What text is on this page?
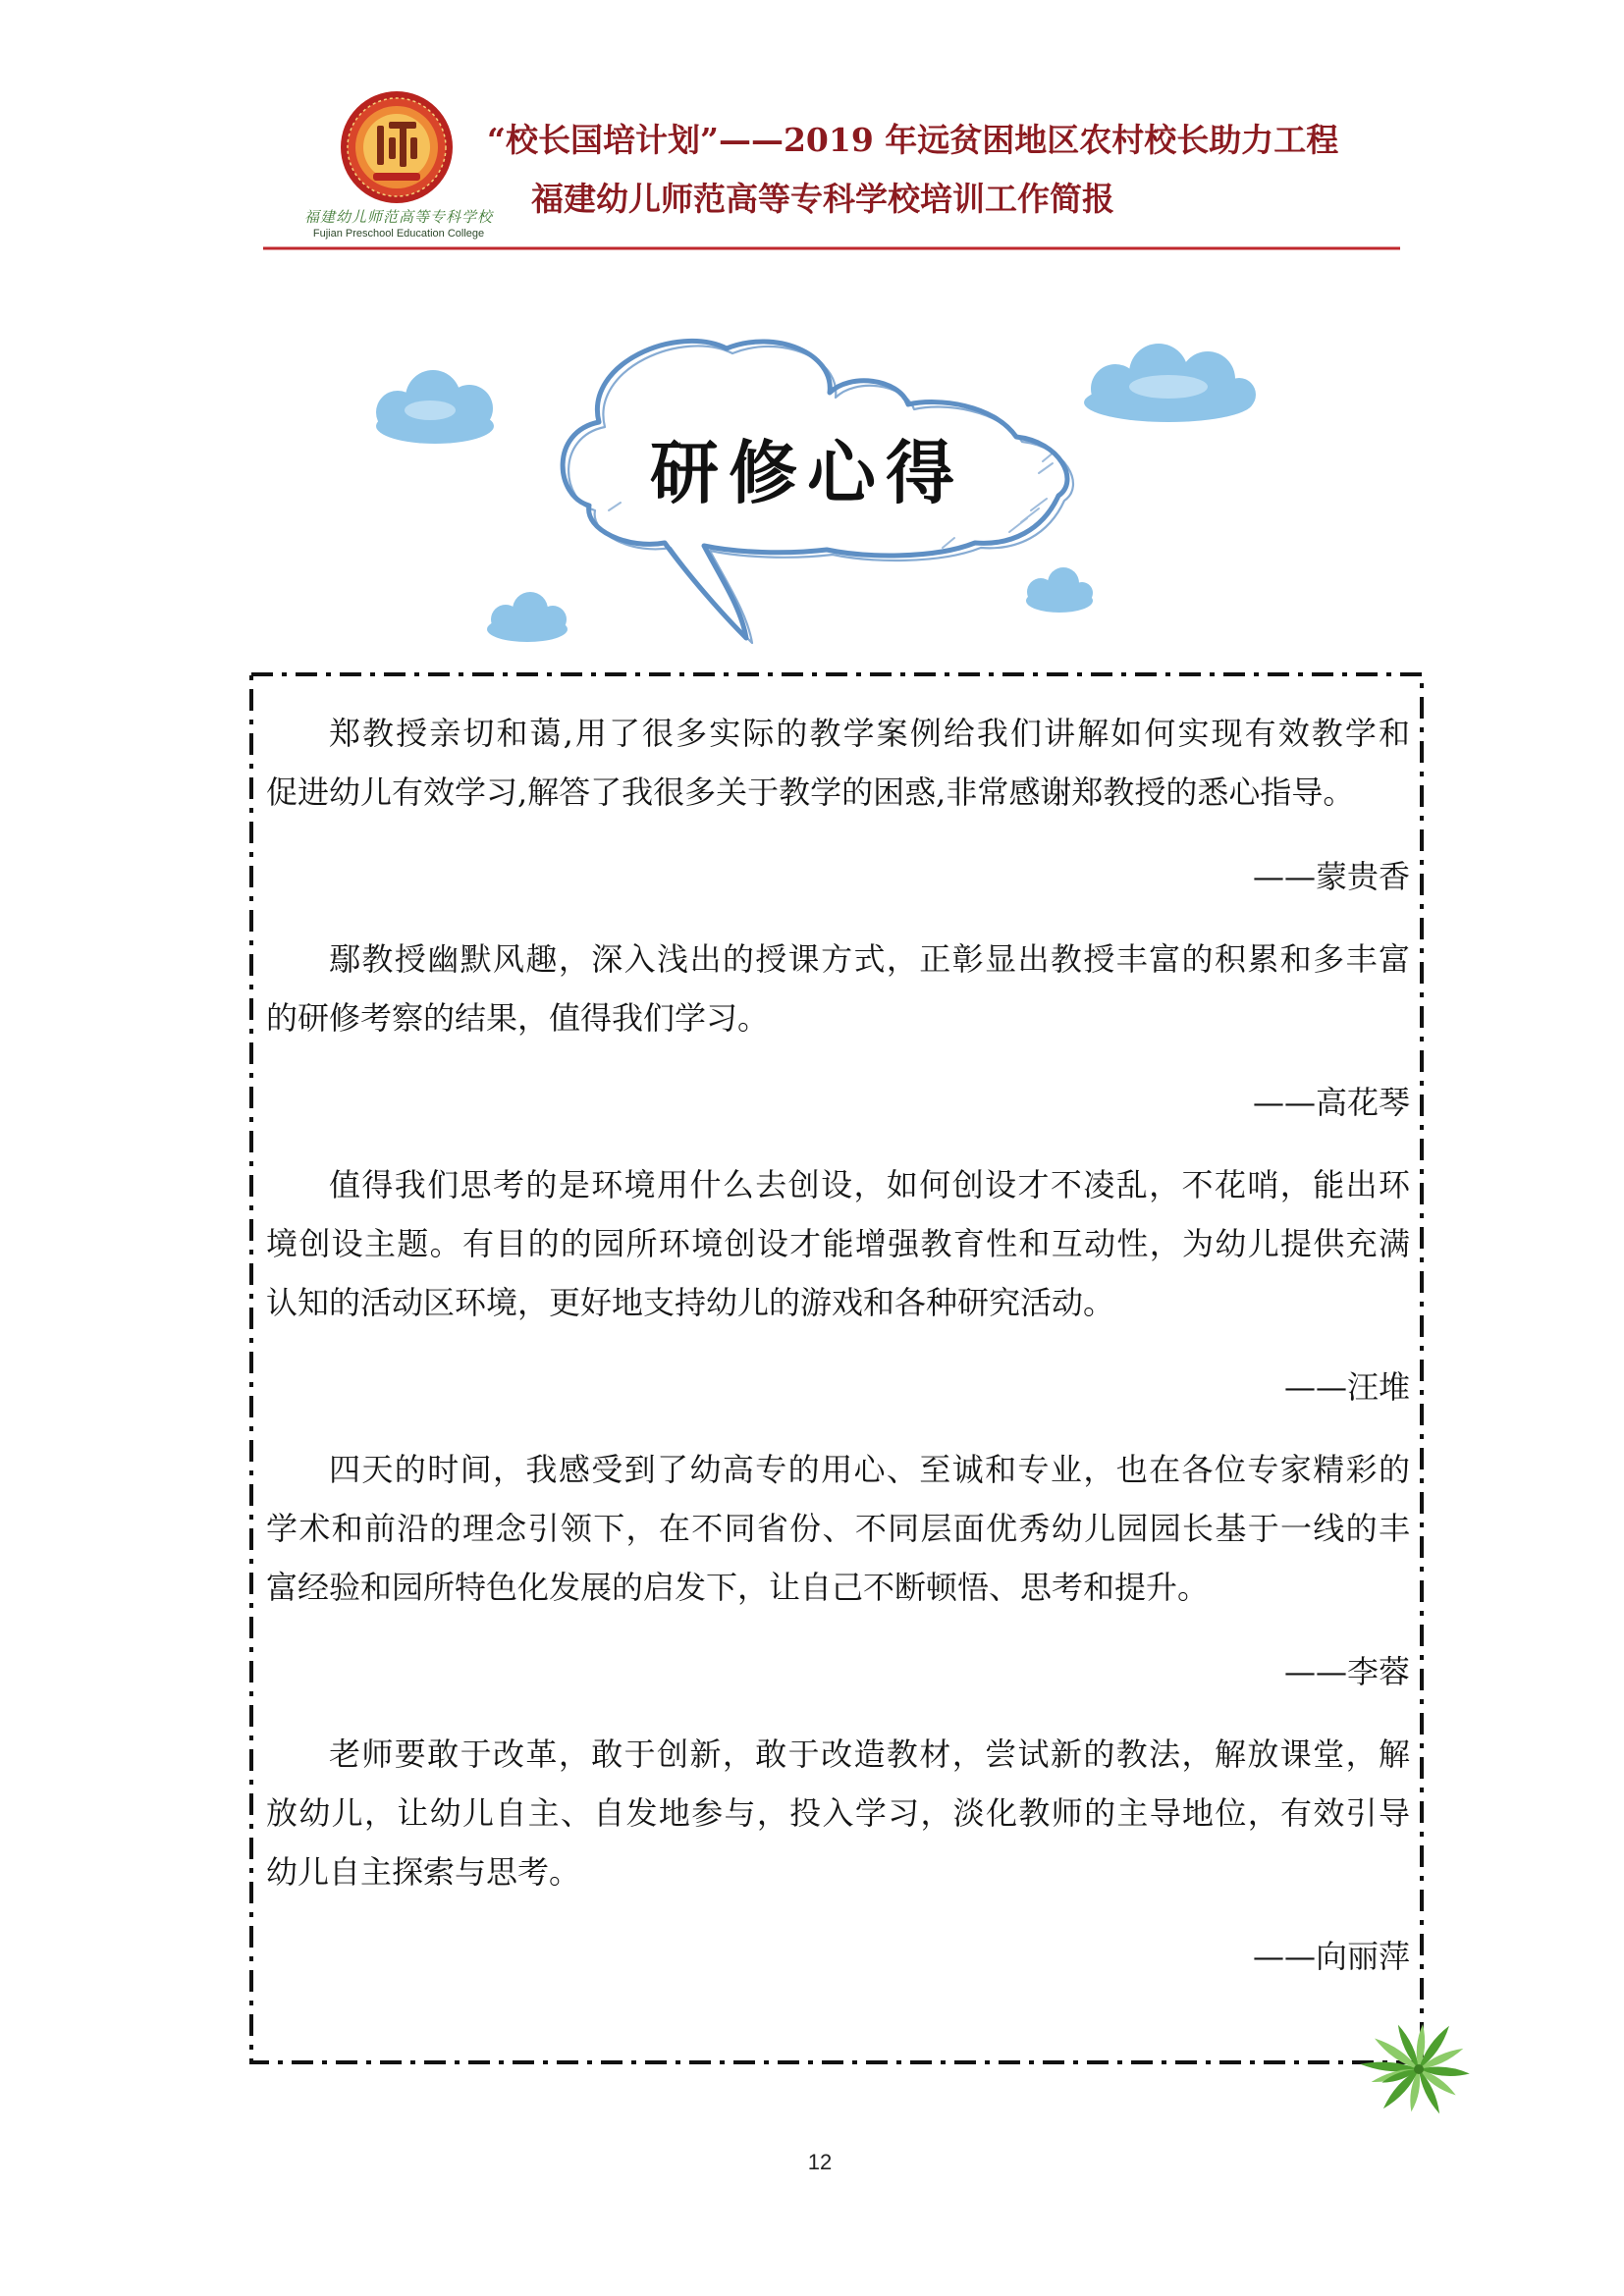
福建幼儿师范高等专科学校
Fujian Preschool Education College
“校长国培计划”——2019 年远贫困地区农村校长助力工程
福建幼儿师范高等专科学校培训工作简报
研修心得
郑教授亲切和蔼,用了很多实际的教学案例给我们讲解如何实现有效教学和
促进幼儿有效学习,解答了我很多关于教学的困惑,非常感谢郑教授的悉心指导。
——蒙贵香
鄢教授幽默风趣，深入浅出的授课方式，正彰显出教授丰富的积累和多丰富
的研修考察的结果，值得我们学习。
——高花琴
值得我们思考的是环境用什么去创设，如何创设才不凌乱，不花哨，能出环
境创设主题。有目的的园所环境创设才能增强教育性和互动性，为幼儿提供充满
认知的活动区环境，更好地支持幼儿的游戏和各种研究活动。
——汪堆
四天的时间，我感受到了幼高专的用心、至诚和专业，也在各位专家精彩的
学术和前沿的理念引领下，在不同省份、不同层面优秀幼儿园园长基于一线的丰
富经验和园所特色化发展的启发下，让自己不断顿悟、思考和提升。
——李蓉
老师要敢于改革，敢于创新，敢于改造教材，尝试新的教法，解放课堂，解
放幼儿，让幼儿自主、自发地参与，投入学习，淡化教师的主导地位，有效引导
幼儿自主探索与思考。
——向丽萍
12
